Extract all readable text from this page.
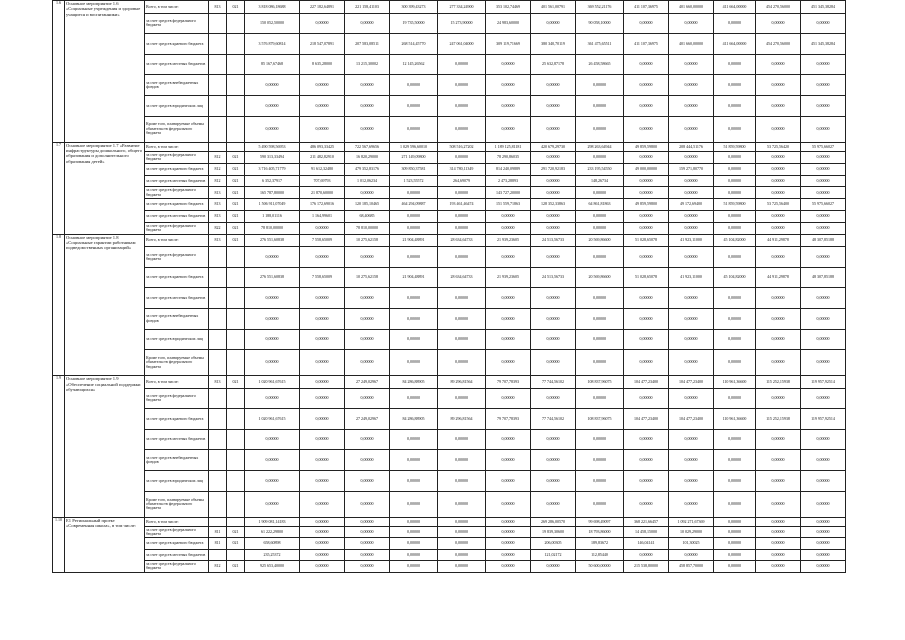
1.6	Основное мероприятие 1.6 «Социальные учреждения и здоровые учащиеся и воспитанники»	Всего, в том числе:	813	021	3 818 086,18688	227 182,64891	221 158,41103	300 399,43273	277 334,24900	353 102,74469	401 561,00791	369 552,21176	411 107,36975	401 660,00000	411 664,00000	454 270,56000	451 345,38284
		за счет средств федерального бюджета			150 052,50000	0,00000	0,00000	19 735,50000	15 273,90000	24 983,60000	0,00000	90 058,10000	0,00000	0,00000	0,00000	0,00000	0,00000
		за счет средств краевого бюджета			3 576 879,60814	218 547,07891	207 583,08511	268 514,45770	247 061,04000	309 119,71669	380 340,70119	361 475,65511	411 107,36975	401 660,00000	411 664,00000	454 270,56000	451 345,38284
		за счет средств местных бюджетов			85 167,67468	8 635,28000	13 215,30002	12 145,26562	0,00000	0,00000	25 632,87178	26 458,58665	0,00000	0,00000	0,00000	0,00000	0,00000
		за счет средств внебюджетных фондов			0,00000	0,00000	0,00000	0,00000	0,00000	0,00000	0,00000	0,00000	0,00000	0,00000	0,00000	0,00000	0,00000
		за счет средств юридических лиц			0,00000	0,00000	0,00000	0,00000	0,00000	0,00000	0,00000	0,00000	0,00000	0,00000	0,00000	0,00000	0,00000
		Кроме того, планируемые объемы обязательств федерального бюджета			0,00000	0,00000	0,00000	0,00000	0,00000	0,00000	0,00000	0,00000	0,00000	0,00000	0,00000	0,00000	0,00000
1.7	Основное мероприятие 1.7 «Развитие инфраструктуры дошкольного, общего образования и дополнительного образования детей»	Всего, в том числе:			5 490 598,56953	486 093,33425	722 567,69656	1 029 596,60010	508 516,27202	1 189 125,81181	420 679,29730	298 263,64944	49 859,59800	208 444,51176	51 859,59800	53 725,56420	55 975,66027
		за счет средств федерального бюджета	812	021	590 313,33494	211 482,82910	16 820,29000	271 149,09800	0,00000	78 290,86035	0,00000	0,00000	0,00000	0,00000	0,00000	0,00000	0,00000
		за счет средств краевого бюджета	812	021	3 716 405,71779	91 612,32480	479 352,83176	309 850,37581	314 780,11349	814 240,09889	291 720,92183	233 195,54550	49 000,00000	159 271,80770	0,00000	0,00000	0,00000
		за счет средств местных бюджетов	812	021	6 352,37917	707,69793	1 012,06234	1 523,55572	264,69079	2 473,28893	0,00000	148,26734	0,00000	0,00000	0,00000	0,00000	0,00000
		за счет средств федерального бюджета	813	021	165 787,80000	21 870,60000	0,00000	0,00000	0,00000	143 727,20000	0,00000	0,00000	0,00000	0,00000	0,00000	0,00000	0,00000
		за счет средств краевого бюджета	813	021	1 506 911,07049	176 172,69016	120 185,10465	464 294,09887	193 461,46474	151 559,71863	128 352,33863	64 861,81863	49 859,59800	49 172,69400	51 859,59800	53 725,56400	55 975,66027
		за счет средств местных бюджетов	813	021	1 188,01116	1 164,99601	68,40685	0,00000	0,00000	0,00000	0,00000	0,00000	0,00000	0,00000	0,00000	0,00000	0,00000
		за счет средств федерального бюджета	822	021	78 810,00000	0,00000	78 810,00000	0,00000	0,00000	0,00000	0,00000	0,00000	0,00000	0,00000	0,00000	0,00000	0,00000
1.8	Основное мероприятие 1.8 «Социальные гарантии работникам подведомственных организаций»	Всего, в том числе:	813	021	276 551,60838	7 558,65009	10 275,62158	21 904,48891	28 634,64733	21 939,23605	24 513,56733	20 569,86600	51 028,65078	41 923,11000	45 104,82000	44 911,29878	48 307,85188
		за счет средств федерального бюджета			0,00000	0,00000	0,00000	0,00000	0,00000	0,00000	0,00000	0,00000	0,00000	0,00000	0,00000	0,00000	0,00000
		за счет средств краевого бюджета			276 551,60838	7 558,65009	10 275,62158	21 904,48891	28 634,64733	21 939,23605	24 513,56733	20 569,86600	51 028,65078	41 923,11000	45 104,82000	44 911,29878	48 307,85188
		за счет средств местных бюджетов			0,00000	0,00000	0,00000	0,00000	0,00000	0,00000	0,00000	0,00000	0,00000	0,00000	0,00000	0,00000	0,00000
		за счет средств внебюджетных фондов			0,00000	0,00000	0,00000	0,00000	0,00000	0,00000	0,00000	0,00000	0,00000	0,00000	0,00000	0,00000	0,00000
		за счет средств юридических лиц			0,00000	0,00000	0,00000	0,00000	0,00000	0,00000	0,00000	0,00000	0,00000	0,00000	0,00000	0,00000	0,00000
		Кроме того, планируемые объемы обязательств федерального бюджета			0,00000	0,00000	0,00000	0,00000	0,00000	0,00000	0,00000	0,00000	0,00000	0,00000	0,00000	0,00000	0,00000
1.9	Основное мероприятие 1.9 «Обеспечение социальной поддержки обучающихся»	Всего, в том числе:	813	021	1 020 961,67615	0,00000	27 249,02967	84 286,88905	89 296,81564	79 707,78393	77 744,56102	108 837,96075	104 477,23400	104 477,23400	110 961,36600	115 252,15938	119 957,92514
		за счет средств федерального бюджета			0,00000	0,00000	0,00000	0,00000	0,00000	0,00000	0,00000	0,00000	0,00000	0,00000	0,00000	0,00000	0,00000
		за счет средств краевого бюджета			1 020 961,67615	0,00000	27 249,02967	84 286,88905	89 296,81564	79 707,78393	77 744,56102	108 837,96075	104 477,23400	104 477,23400	110 961,36600	115 252,15938	119 957,92514
		за счет средств местных бюджетов			0,00000	0,00000	0,00000	0,00000	0,00000	0,00000	0,00000	0,00000	0,00000	0,00000	0,00000	0,00000	0,00000
		за счет средств внебюджетных фондов			0,00000	0,00000	0,00000	0,00000	0,00000	0,00000	0,00000	0,00000	0,00000	0,00000	0,00000	0,00000	0,00000
		за счет средств юридических лиц			0,00000	0,00000	0,00000	0,00000	0,00000	0,00000	0,00000	0,00000	0,00000	0,00000	0,00000	0,00000	0,00000
		Кроме того, планируемые объемы обязательств федерального бюджета			0,00000	0,00000	0,00000	0,00000	0,00000	0,00000	0,00000	0,00000	0,00000	0,00000	0,00000	0,00000	0,00000
1.10	E1 Региональный проект «Современная школа», в том числе:	Всего, в том числе:			1 909 081,14183	0,00000	0,00000	0,00000	0,00000	0,00000	269 286,00570	99 698,49097	368 221,66457	1 092 271,67369	0,00000	0,00000	0,00000
		за счет средств федерального бюджета	811	021	61 222,29800	0,00000	0,00000	0,00000	0,00000	0,00000	19 839,30600	18 793,86000	14 458,15000	10 029,29000	0,00000	0,00000	0,00000
		за счет средств краевого бюджета	811	021	658,60898	0,00000	0,00000	0,00000	0,00000	0,00000	206,00305	189,83672	146,04141	101,30025	0,00000	0,00000	0,00000
		за счет средств местных бюджетов			235,25372	0,00000	0,00000	0,00000	0,00000	0,00000	121,02172	112,85440	0,00000	0,00000	0,00000	0,00000	0,00000
		за счет средств федерального бюджета	812	021	925 653,40000	0,00000	0,00000	0,00000	0,00000	0,00000	0,00000	50 600,00000	215 538,80000	458 857,70000	0,00000	0,00000	0,00000
